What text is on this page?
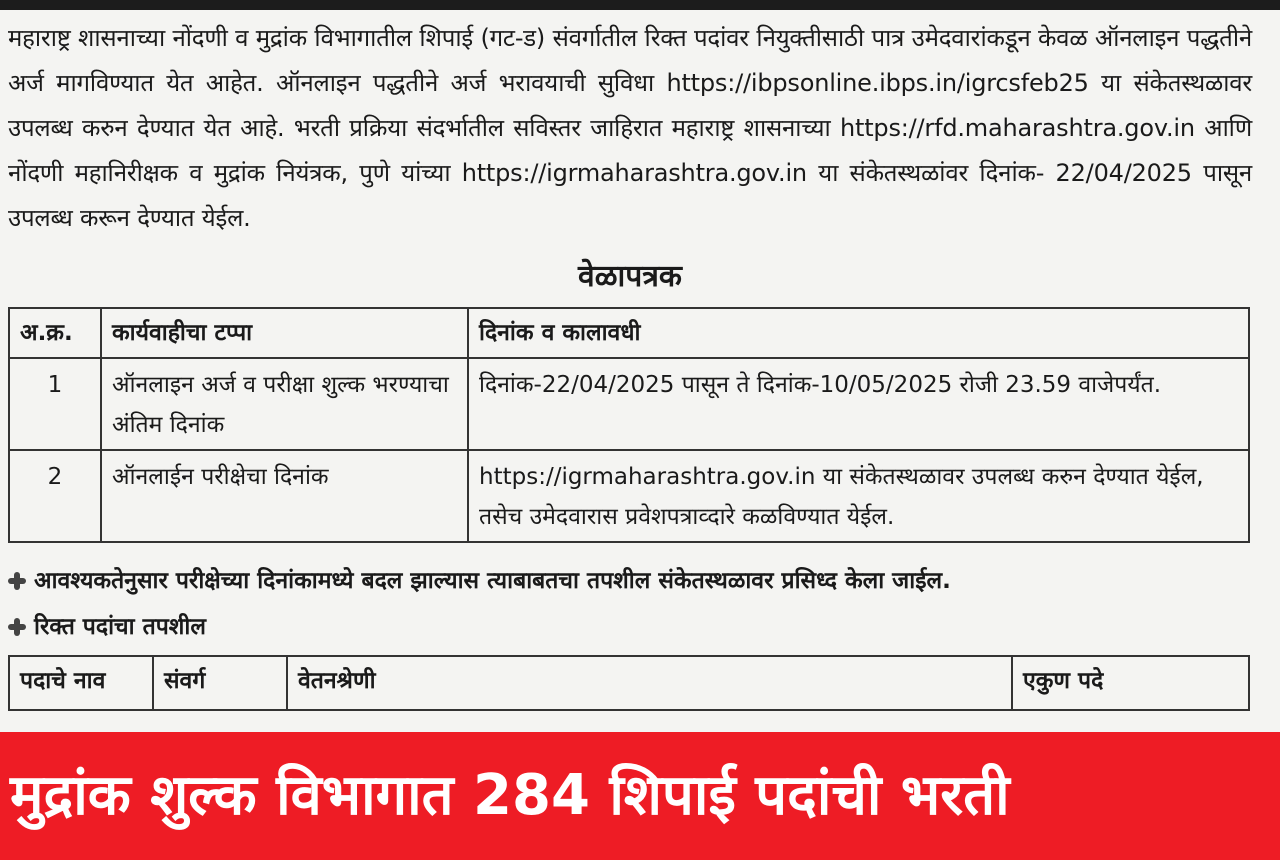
महाराष्ट्र शासनाच्या नोंदणी व मुद्रांक विभागातील शिपाई (गट-ड) संवर्गातील रिक्त पदांवर नियुक्तीसाठी पात्र उमेदवारांकडून केवळ ऑनलाइन पद्धतीने अर्ज मागविण्यात येत आहेत. ऑनलाइन पद्धतीने अर्ज भरावयाची सुविधा https://ibpsonline.ibps.in/igrcsfeb25 या संकेतस्थळावर उपलब्ध करुन देण्यात येत आहे. भरती प्रक्रिया संदर्भातील सविस्तर जाहिरात महाराष्ट्र शासनाच्या https://rfd.maharashtra.gov.in आणि नोंदणी महानिरीक्षक व मुद्रांक नियंत्रक, पुणे यांच्या https://igrmaharashtra.gov.in या संकेतस्थळांवर दिनांक- 22/04/2025 पासून उपलब्ध करून देण्यात येईल.

वेळापत्रक
अ.क्र.	कार्यवाहीचा टप्पा	दिनांक व कालावधी
1	ऑनलाइन अर्ज व परीक्षा शुल्क भरण्याचा अंतिम दिनांक	दिनांक-22/04/2025 पासून ते दिनांक-10/05/2025 रोजी 23.59 वाजेपर्यंत.
2	ऑनलाईन परीक्षेचा दिनांक	https://igrmaharashtra.gov.in या संकेतस्थळावर उपलब्ध करुन देण्यात येईल, तसेच उमेदवारास प्रवेशपत्राव्दारे कळविण्यात येईल.
आवश्यकतेनुसार परीक्षेच्या दिनांकामध्ये बदल झाल्यास त्याबाबतचा तपशील संकेतस्थळावर प्रसिध्द केला जाईल.
रिक्त पदांचा तपशील
पदाचे नाव	संवर्ग	वेतनश्रेणी	एकुण पदे
मुद्रांक शुल्क विभागात 284 शिपाई पदांची भरती
